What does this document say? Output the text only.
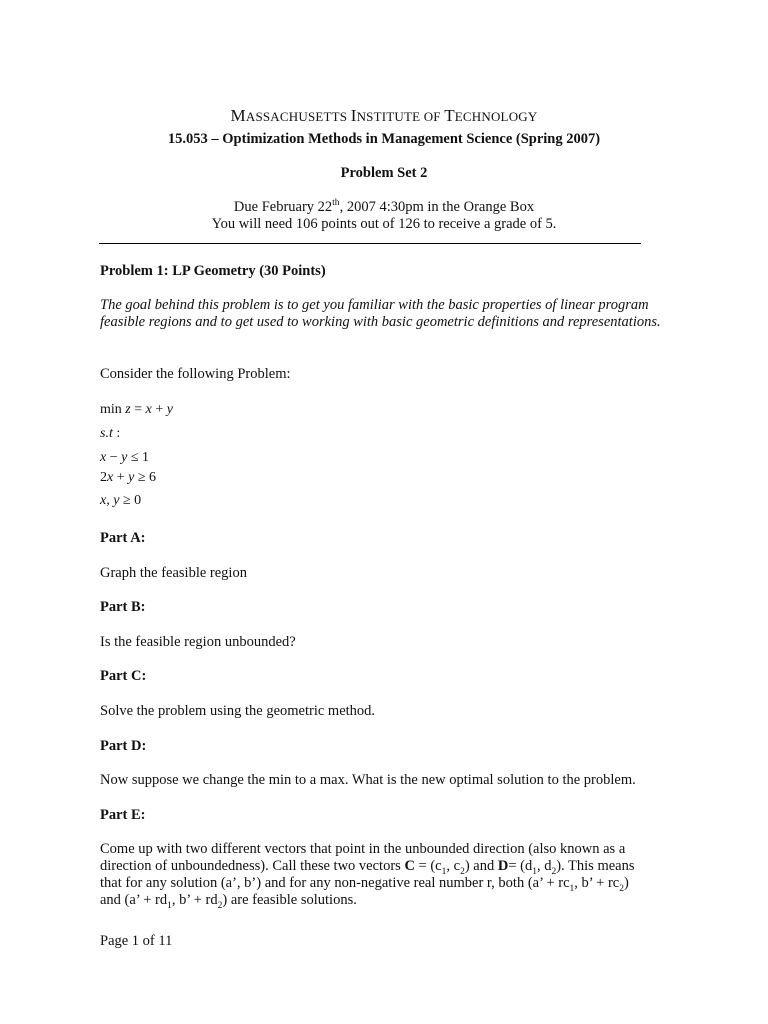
MASSACHUSETTS INSTITUTE OF TECHNOLOGY
15.053 – Optimization Methods in Management Science (Spring 2007)
Problem Set 2
Due February 22th, 2007 4:30pm in the Orange Box
You will need 106 points out of 126 to receive a grade of 5.
Problem 1: LP Geometry (30 Points)
The goal behind this problem is to get you familiar with the basic properties of linear program feasible regions and to get used to working with basic geometric definitions and representations.
Consider the following Problem:
min z = x + y
s.t :
x − y ≤ 1
2x + y ≥ 6
x, y ≥ 0
Part A:
Graph the feasible region
Part B:
Is the feasible region unbounded?
Part C:
Solve the problem using the geometric method.
Part D:
Now suppose we change the min to a max. What is the new optimal solution to the problem.
Part E:
Come up with two different vectors that point in the unbounded direction (also known as a
direction of unboundedness). Call these two vectors $C = (c_1$, $c_2$) and $D= (d_1$, $d_2$). This means
that for any solution (a’, b’) and for any non-negative real number r, both (a’ + $rc_1$, b’ + $rc_2$)
and (a’ + $rd_1$, b’ + $rd_2$) are feasible solutions.
Page 1 of 11
